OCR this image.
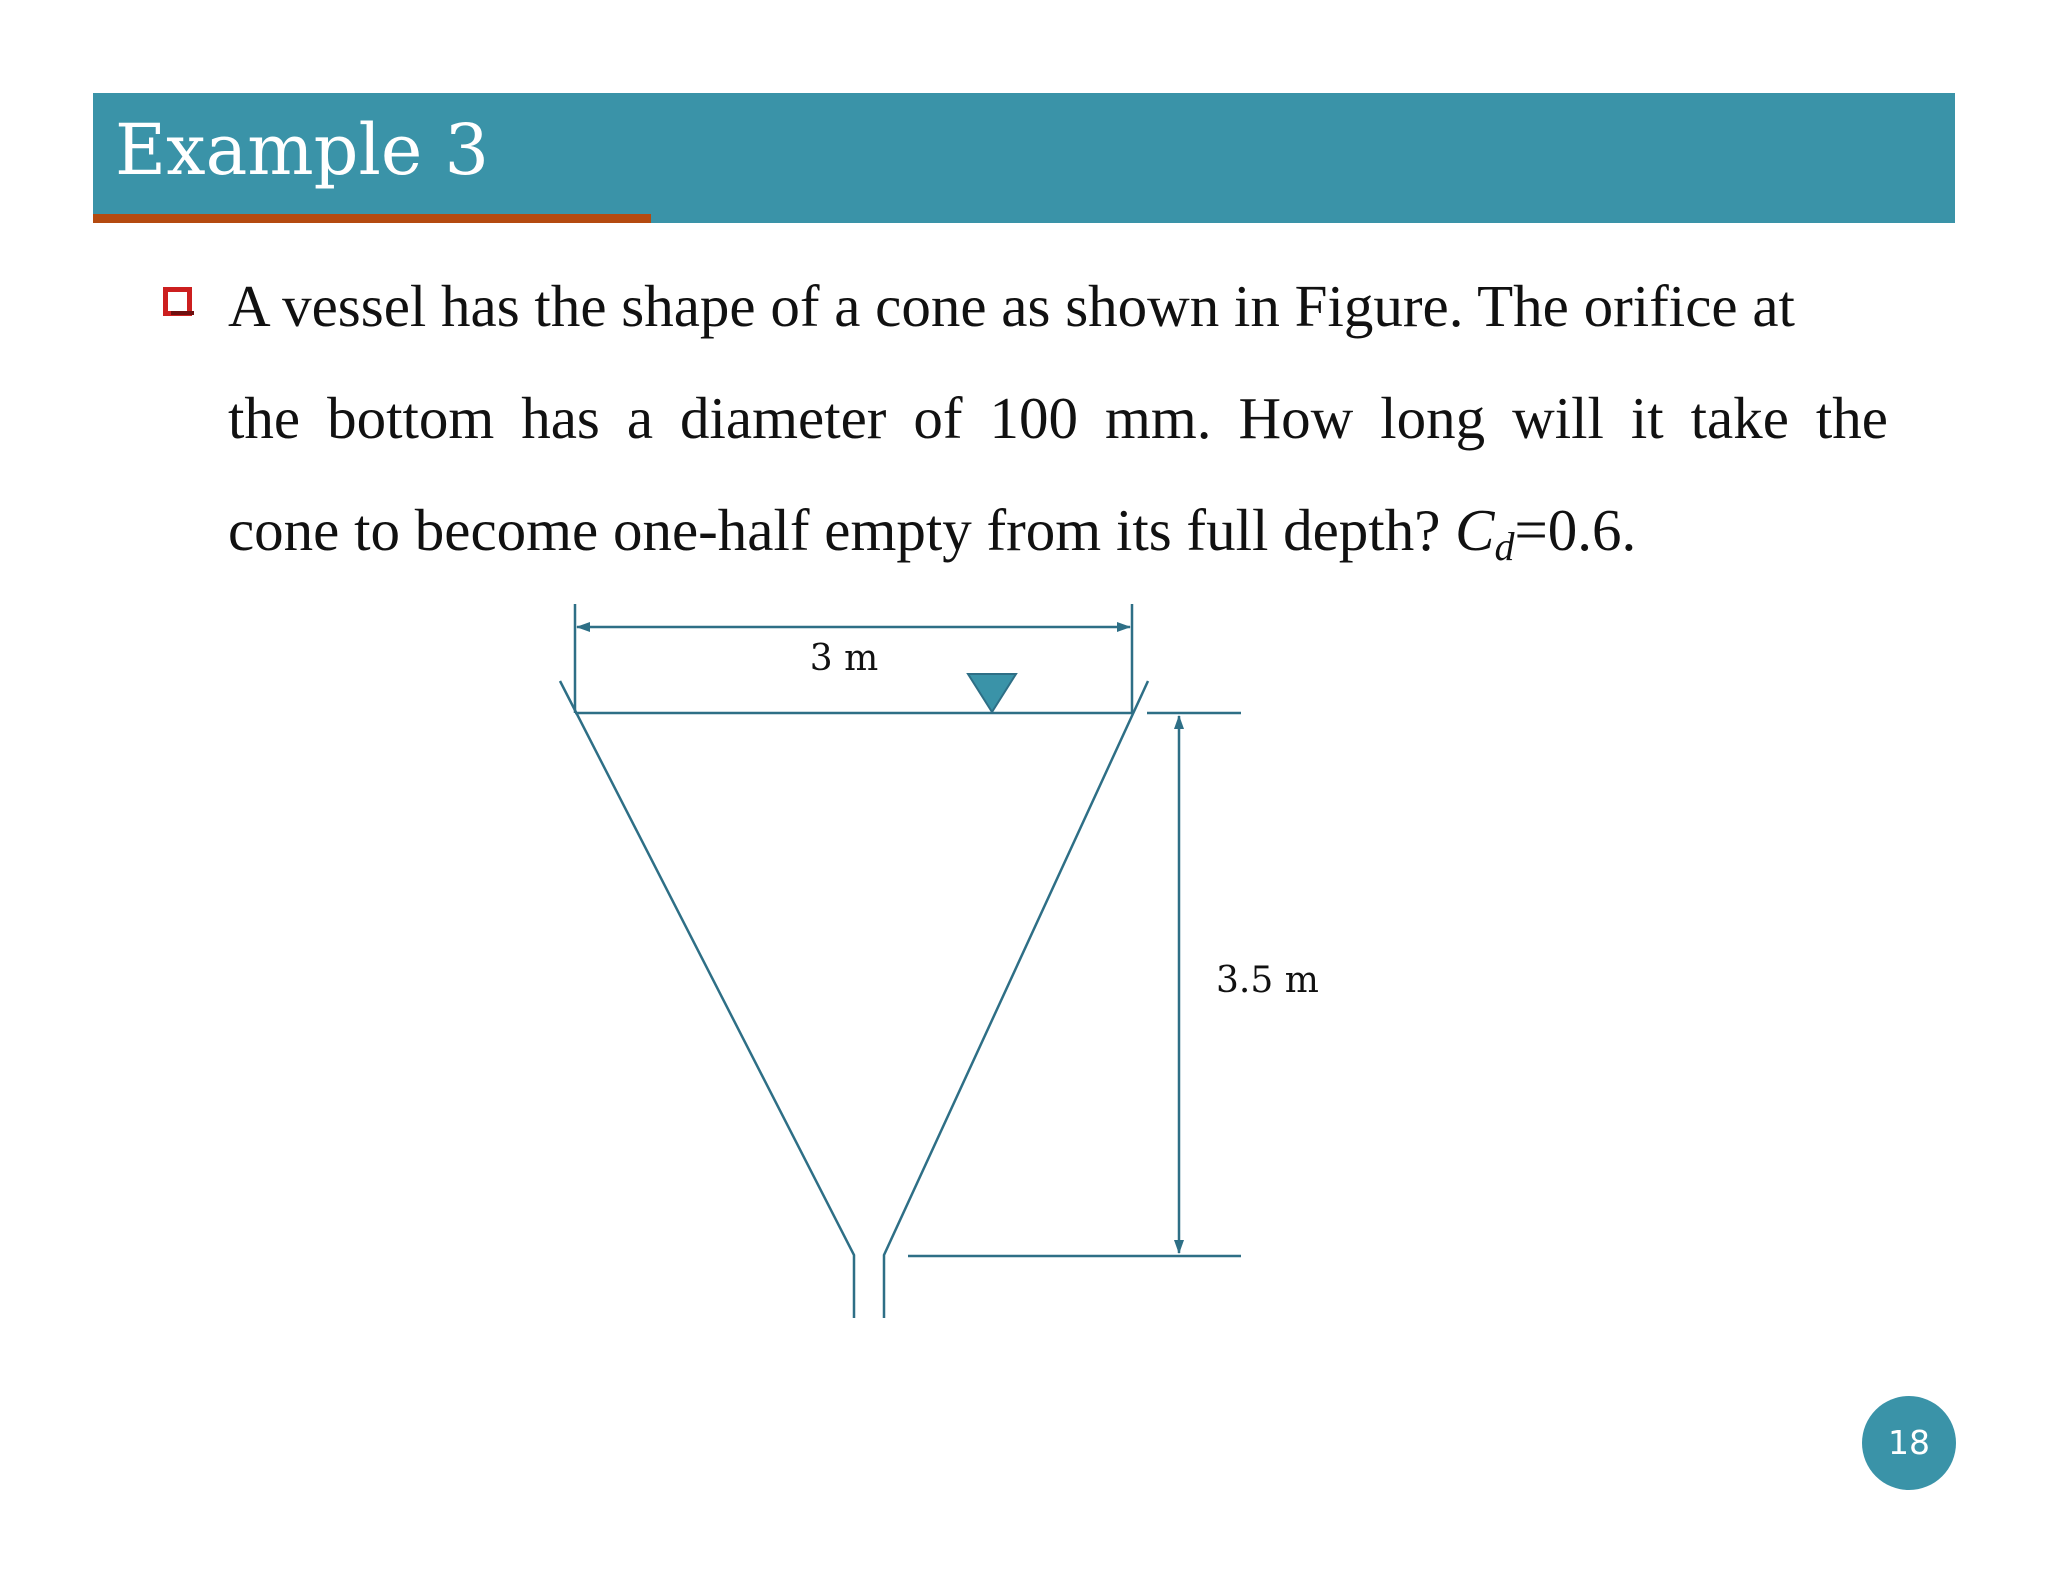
Example 3
A vessel has the shape of a cone as shown in Figure. The orifice at
the bottom has a diameter of 100 mm. How long will it take the
cone to become one-half empty from its full depth? $C_d=0.6$.
3 m
3.5 m
18
